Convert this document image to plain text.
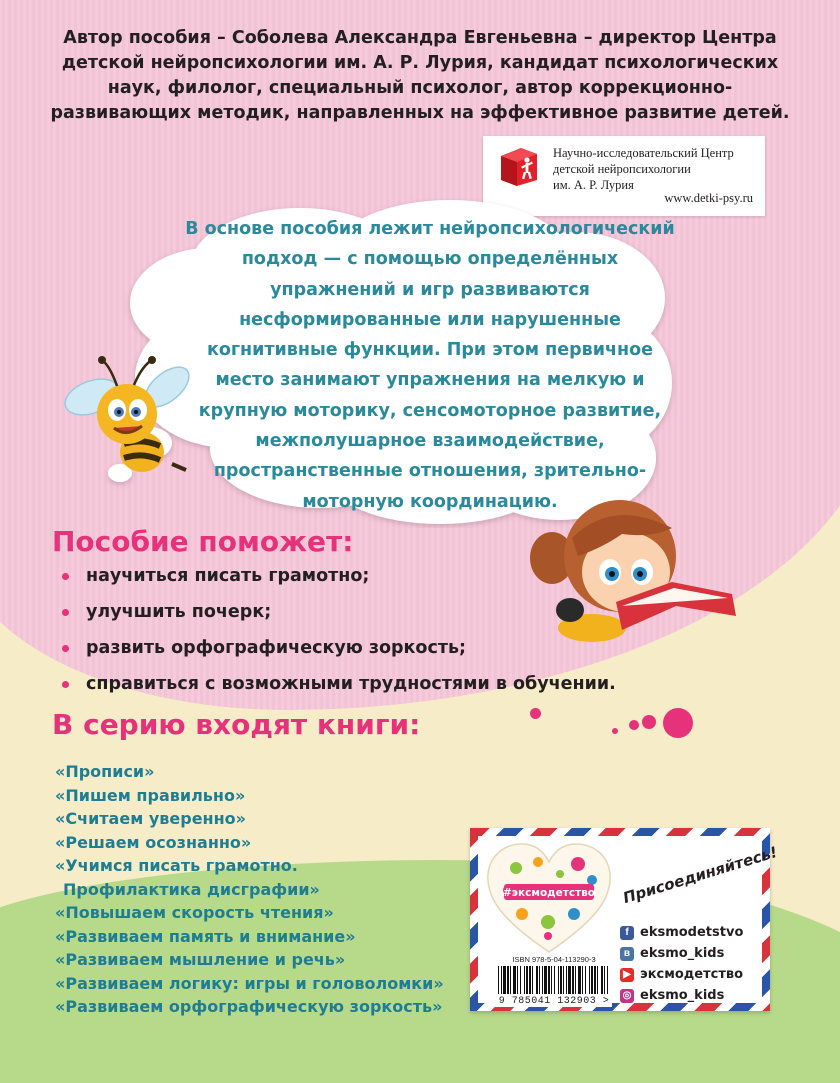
Автор пособия – Соболева Александра Евгеньевна – директор Центра детской нейропсихологии им. А. Р. Лурия, кандидат психологических наук, филолог, специальный психолог, автор коррекционно-развивающих методик, направленных на эффективное развитие детей.
Научно-исследовательский Центр
детской нейропсихологии
им. А. Р. Лурия
www.detki-psy.ru
В основе пособия лежит нейропсихологический подход — с помощью определённых упражнений и игр развиваются несформированные или нарушенные когнитивные функции. При этом первичное место занимают упражнения на мелкую и крупную моторику, сенсомоторное развитие, межполушарное взаимодействие, пространственные отношения, зрительно-моторную координацию.
Пособие поможет:
научиться писать грамотно;
улучшить почерк;
развить орфографическую зоркость;
справиться с возможными трудностями в обучении.
В серию входят книги:
«Прописи»
«Пишем правильно»
«Считаем уверенно»
«Решаем осознанно»
«Учимся писать грамотно.
Профилактика дисграфии»
«Повышаем скорость чтения»
«Развиваем память и внимание»
«Развиваем мышление и речь»
«Развиваем логику: игры и головоломки»
«Развиваем орфографическую зоркость»
#эксмодетство Присоединяйтесь!
f eksmodetstvo
в eksmo_kids
▶ эксмодетство
◎ eksmo_kids
ISBN 978-5-04-113290-3
9 785041 132903 >
